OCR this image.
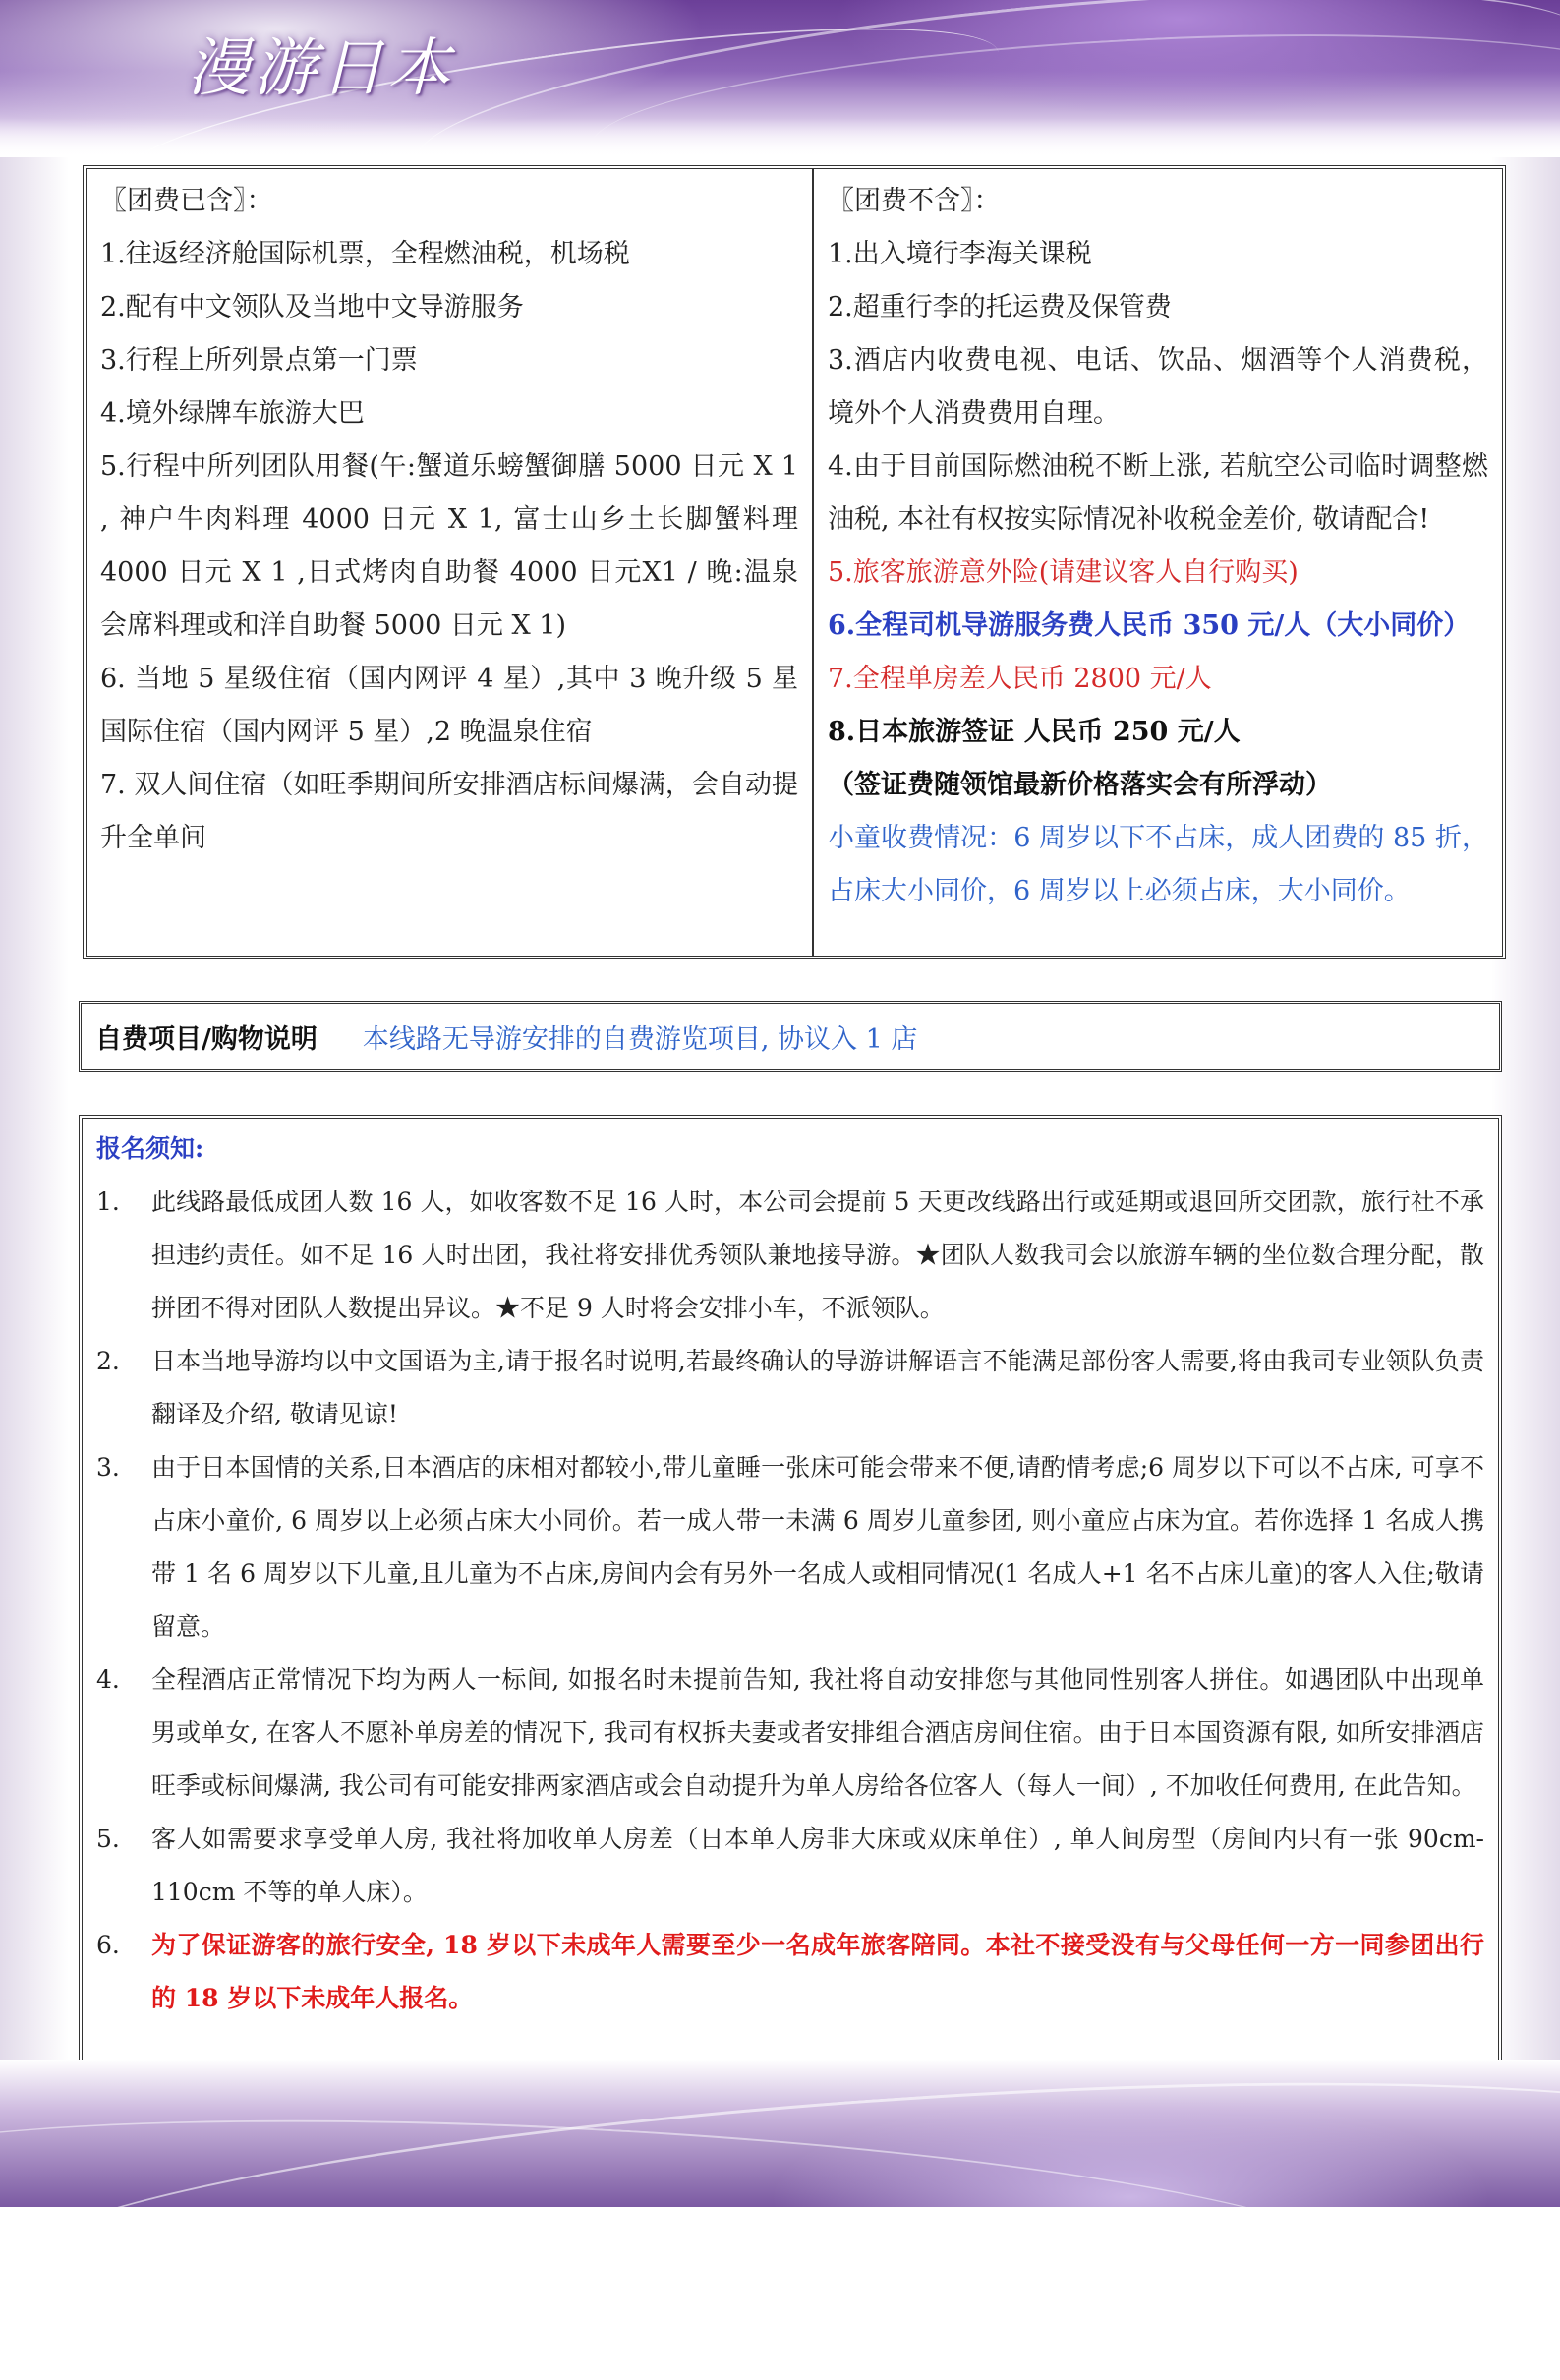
漫游日本

〖团费已含〗：

1.往返经济舱国际机票，全程燃油税，机场税

2.配有中文领队及当地中文导游服务

3.行程上所列景点第一门票

4.境外绿牌车旅游大巴

5.行程中所列团队用餐(午:蟹道乐螃蟹御膳 5000 日元 X 1 , 神户牛肉料理 4000 日元 X 1, 富士山乡土长脚蟹料理 4000 日元 X 1 ,日式烤肉自助餐 4000 日元X1 / 晚:温泉会席料理或和洋自助餐 5000 日元 X 1)

6. 当地 5 星级住宿（国内网评 4 星）,其中 3 晚升级 5 星国际住宿（国内网评 5 星）,2 晚温泉住宿

7. 双人间住宿（如旺季期间所安排酒店标间爆满，会自动提升全单间

〖团费不含〗：

1.出入境行李海关课税

2.超重行李的托运费及保管费

3.酒店内收费电视、电话、饮品、烟酒等个人消费税，境外个人消费费用自理。

4.由于目前国际燃油税不断上涨, 若航空公司临时调整燃油税, 本社有权按实际情况补收税金差价, 敬请配合!

5.旅客旅游意外险(请建议客人自行购买)

6.全程司机导游服务费人民币 350 元/人（大小同价）

7.全程单房差人民币 2800 元/人

8.日本旅游签证 人民币 250 元/人

（签证费随领馆最新价格落实会有所浮动）

小童收费情况：6 周岁以下不占床，成人团费的 85 折，占床大小同价，6 周岁以上必须占床，大小同价。

自费项目/购物说明 本线路无导游安排的自费游览项目, 协议入 1 店
报名须知:
1.	此线路最低成团人数 16 人，如收客数不足 16 人时，本公司会提前 5 天更改线路出行或延期或退回所交团款，旅行社不承担违约责任。如不足 16 人时出团，我社将安排优秀领队兼地接导游。★团队人数我司会以旅游车辆的坐位数合理分配，散拼团不得对团队人数提出异议。★不足 9 人时将会安排小车，不派领队。
2.	日本当地导游均以中文国语为主,请于报名时说明,若最终确认的导游讲解语言不能满足部份客人需要,将由我司专业领队负责翻译及介绍, 敬请见谅!
3.	由于日本国情的关系,日本酒店的床相对都较小,带儿童睡一张床可能会带来不便,请酌情考虑;6 周岁以下可以不占床, 可享不占床小童价, 6 周岁以上必须占床大小同价。若一成人带一未满 6 周岁儿童参团, 则小童应占床为宜。若你选择 1 名成人携带 1 名 6 周岁以下儿童,且儿童为不占床,房间内会有另外一名成人或相同情况(1 名成人+1 名不占床儿童)的客人入住;敬请留意。
4.	全程酒店正常情况下均为两人一标间, 如报名时未提前告知, 我社将自动安排您与其他同性别客人拼住。如遇团队中出现单男或单女, 在客人不愿补单房差的情况下, 我司有权拆夫妻或者安排组合酒店房间住宿。由于日本国资源有限, 如所安排酒店旺季或标间爆满, 我公司有可能安排两家酒店或会自动提升为单人房给各位客人（每人一间）, 不加收任何费用, 在此告知。
5.	客人如需要求享受单人房, 我社将加收单人房差（日本单人房非大床或双床单住）, 单人间房型（房间内只有一张 90cm-110cm 不等的单人床）。
6.	为了保证游客的旅行安全, 18 岁以下未成年人需要至少一名成年旅客陪同。本社不接受没有与父母任何一方一同参团出行的 18 岁以下未成年人报名。
